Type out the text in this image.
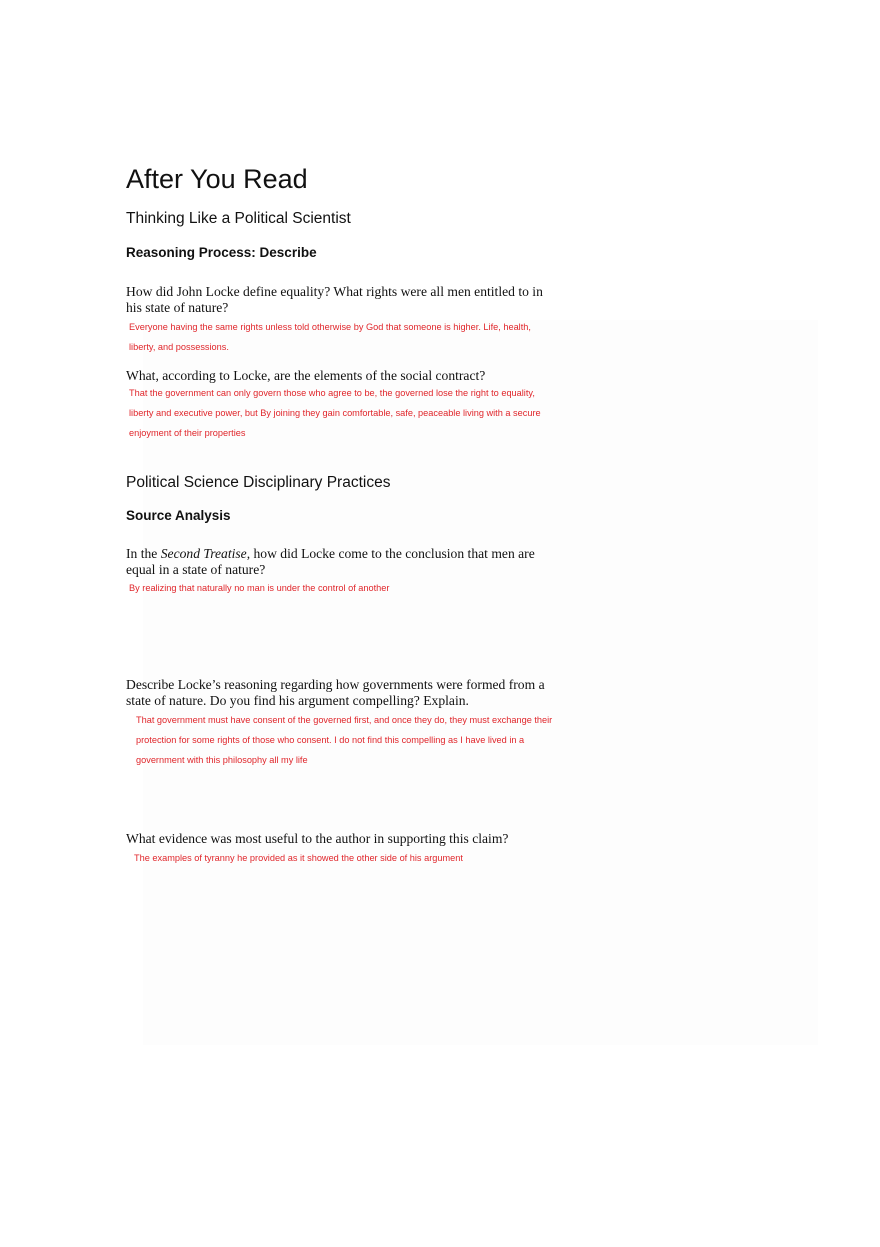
After You Read
Thinking Like a Political Scientist
Reasoning Process: Describe
How did John Locke define equality? What rights were all men entitled to in his state of nature?
Everyone having the same rights unless told otherwise by God that someone is higher. Life, health,
liberty, and possessions.
What, according to Locke, are the elements of the social contract?
That the government can only govern those who agree to be, the governed lose the right to equality,
liberty and executive power, but By joining they gain comfortable, safe, peaceable living with a secure
enjoyment of their properties
Political Science Disciplinary Practices
Source Analysis
In the Second Treatise, how did Locke come to the conclusion that men are equal in a state of nature?
By realizing that naturally no man is under the control of another
Describe Locke’s reasoning regarding how governments were formed from a state of nature. Do you find his argument compelling? Explain.
That government must have consent of the governed first, and once they do, they must exchange their
protection for some rights of those who consent. I do not find this compelling as I have lived in a
government with this philosophy all my life
What evidence was most useful to the author in supporting this claim?
The examples of tyranny he provided as it showed the other side of his argument
